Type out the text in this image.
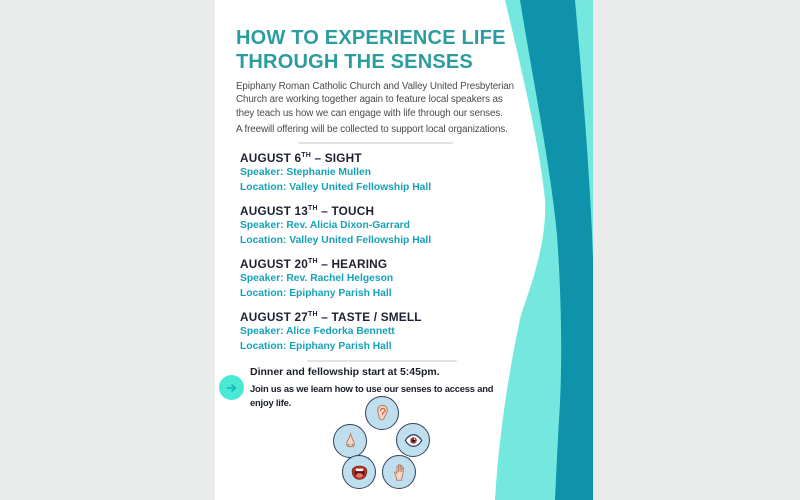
HOW TO EXPERIENCE LIFE
THROUGH THE SENSES
Epiphany Roman Catholic Church and Valley United Presbyterian
Church are working together again to feature local speakers as
they teach us how we can engage with life through our senses.
A freewill offering will be collected to support local organizations.
AUGUST 6TH – SIGHT
Speaker: Stephanie Mullen
Location: Valley United Fellowship Hall
AUGUST 13TH – TOUCH
Speaker: Rev. Alicia Dixon-Garrard
Location: Valley United Fellowship Hall
AUGUST 20TH – HEARING
Speaker: Rev. Rachel Helgeson
Location: Epiphany Parish Hall
AUGUST 27TH – TASTE / SMELL
Speaker: Alice Fedorka Bennett
Location: Epiphany Parish Hall
Dinner and fellowship start at 5:45pm.
Join us as we learn how to use our senses to access and
enjoy life.
